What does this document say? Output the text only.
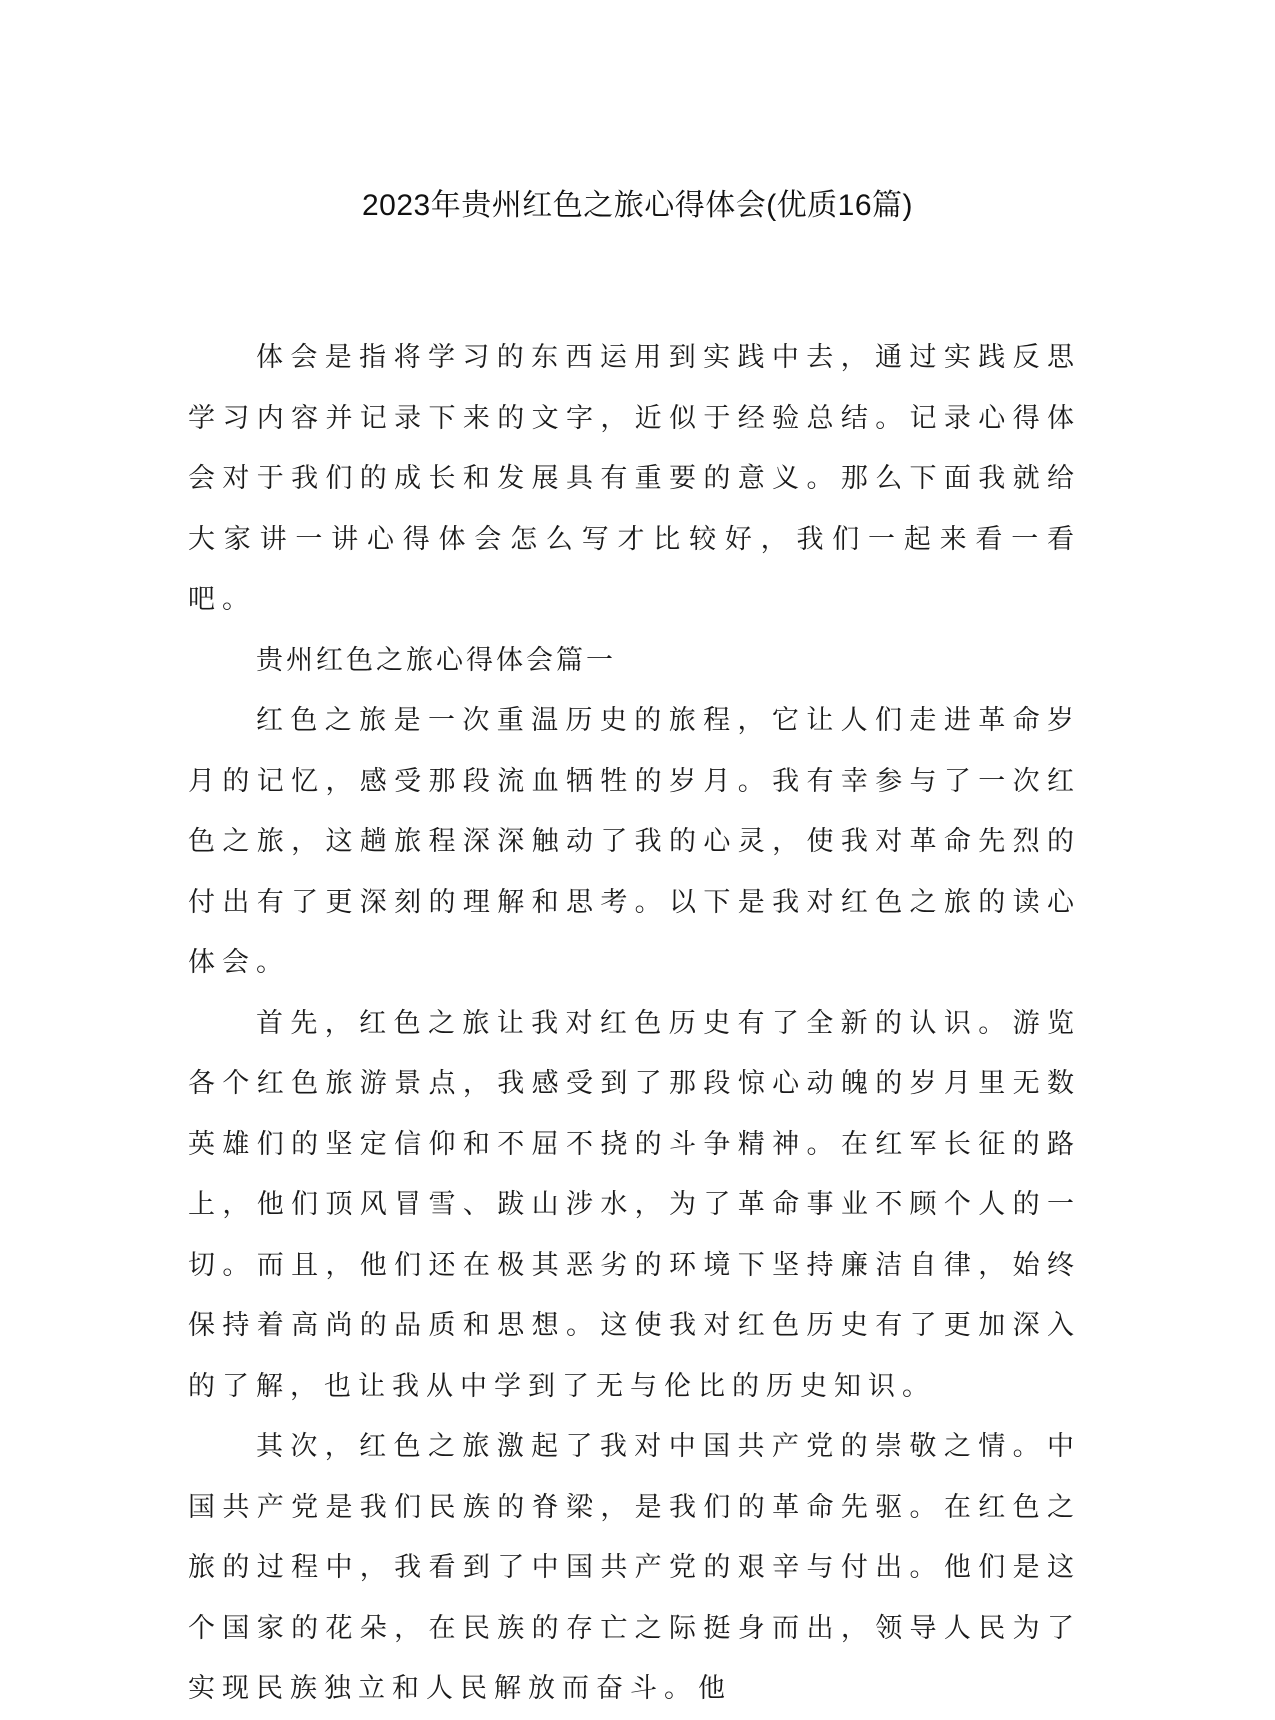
2023年贵州红色之旅心得体会(优质16篇)

体会是指将学习的东西运用到实践中去，通过实践反思学习内容并记录下来的文字，近似于经验总结。记录心得体会对于我们的成长和发展具有重要的意义。那么下面我就给大家讲一讲心得体会怎么写才比较好，我们一起来看一看吧。

贵州红色之旅心得体会篇一

红色之旅是一次重温历史的旅程，它让人们走进革命岁月的记忆，感受那段流血牺牲的岁月。我有幸参与了一次红色之旅，这趟旅程深深触动了我的心灵，使我对革命先烈的付出有了更深刻的理解和思考。以下是我对红色之旅的读心体会。

首先，红色之旅让我对红色历史有了全新的认识。游览各个红色旅游景点，我感受到了那段惊心动魄的岁月里无数英雄们的坚定信仰和不屈不挠的斗争精神。在红军长征的路上，他们顶风冒雪、跋山涉水，为了革命事业不顾个人的一切。而且，他们还在极其恶劣的环境下坚持廉洁自律，始终保持着高尚的品质和思想。这使我对红色历史有了更加深入的了解，也让我从中学到了无与伦比的历史知识。

其次，红色之旅激起了我对中国共产党的崇敬之情。中国共产党是我们民族的脊梁，是我们的革命先驱。在红色之旅的过程中，我看到了中国共产党的艰辛与付出。他们是这个国家的花朵，在民族的存亡之际挺身而出，领导人民为了实现民族独立和人民解放而奋斗。他
